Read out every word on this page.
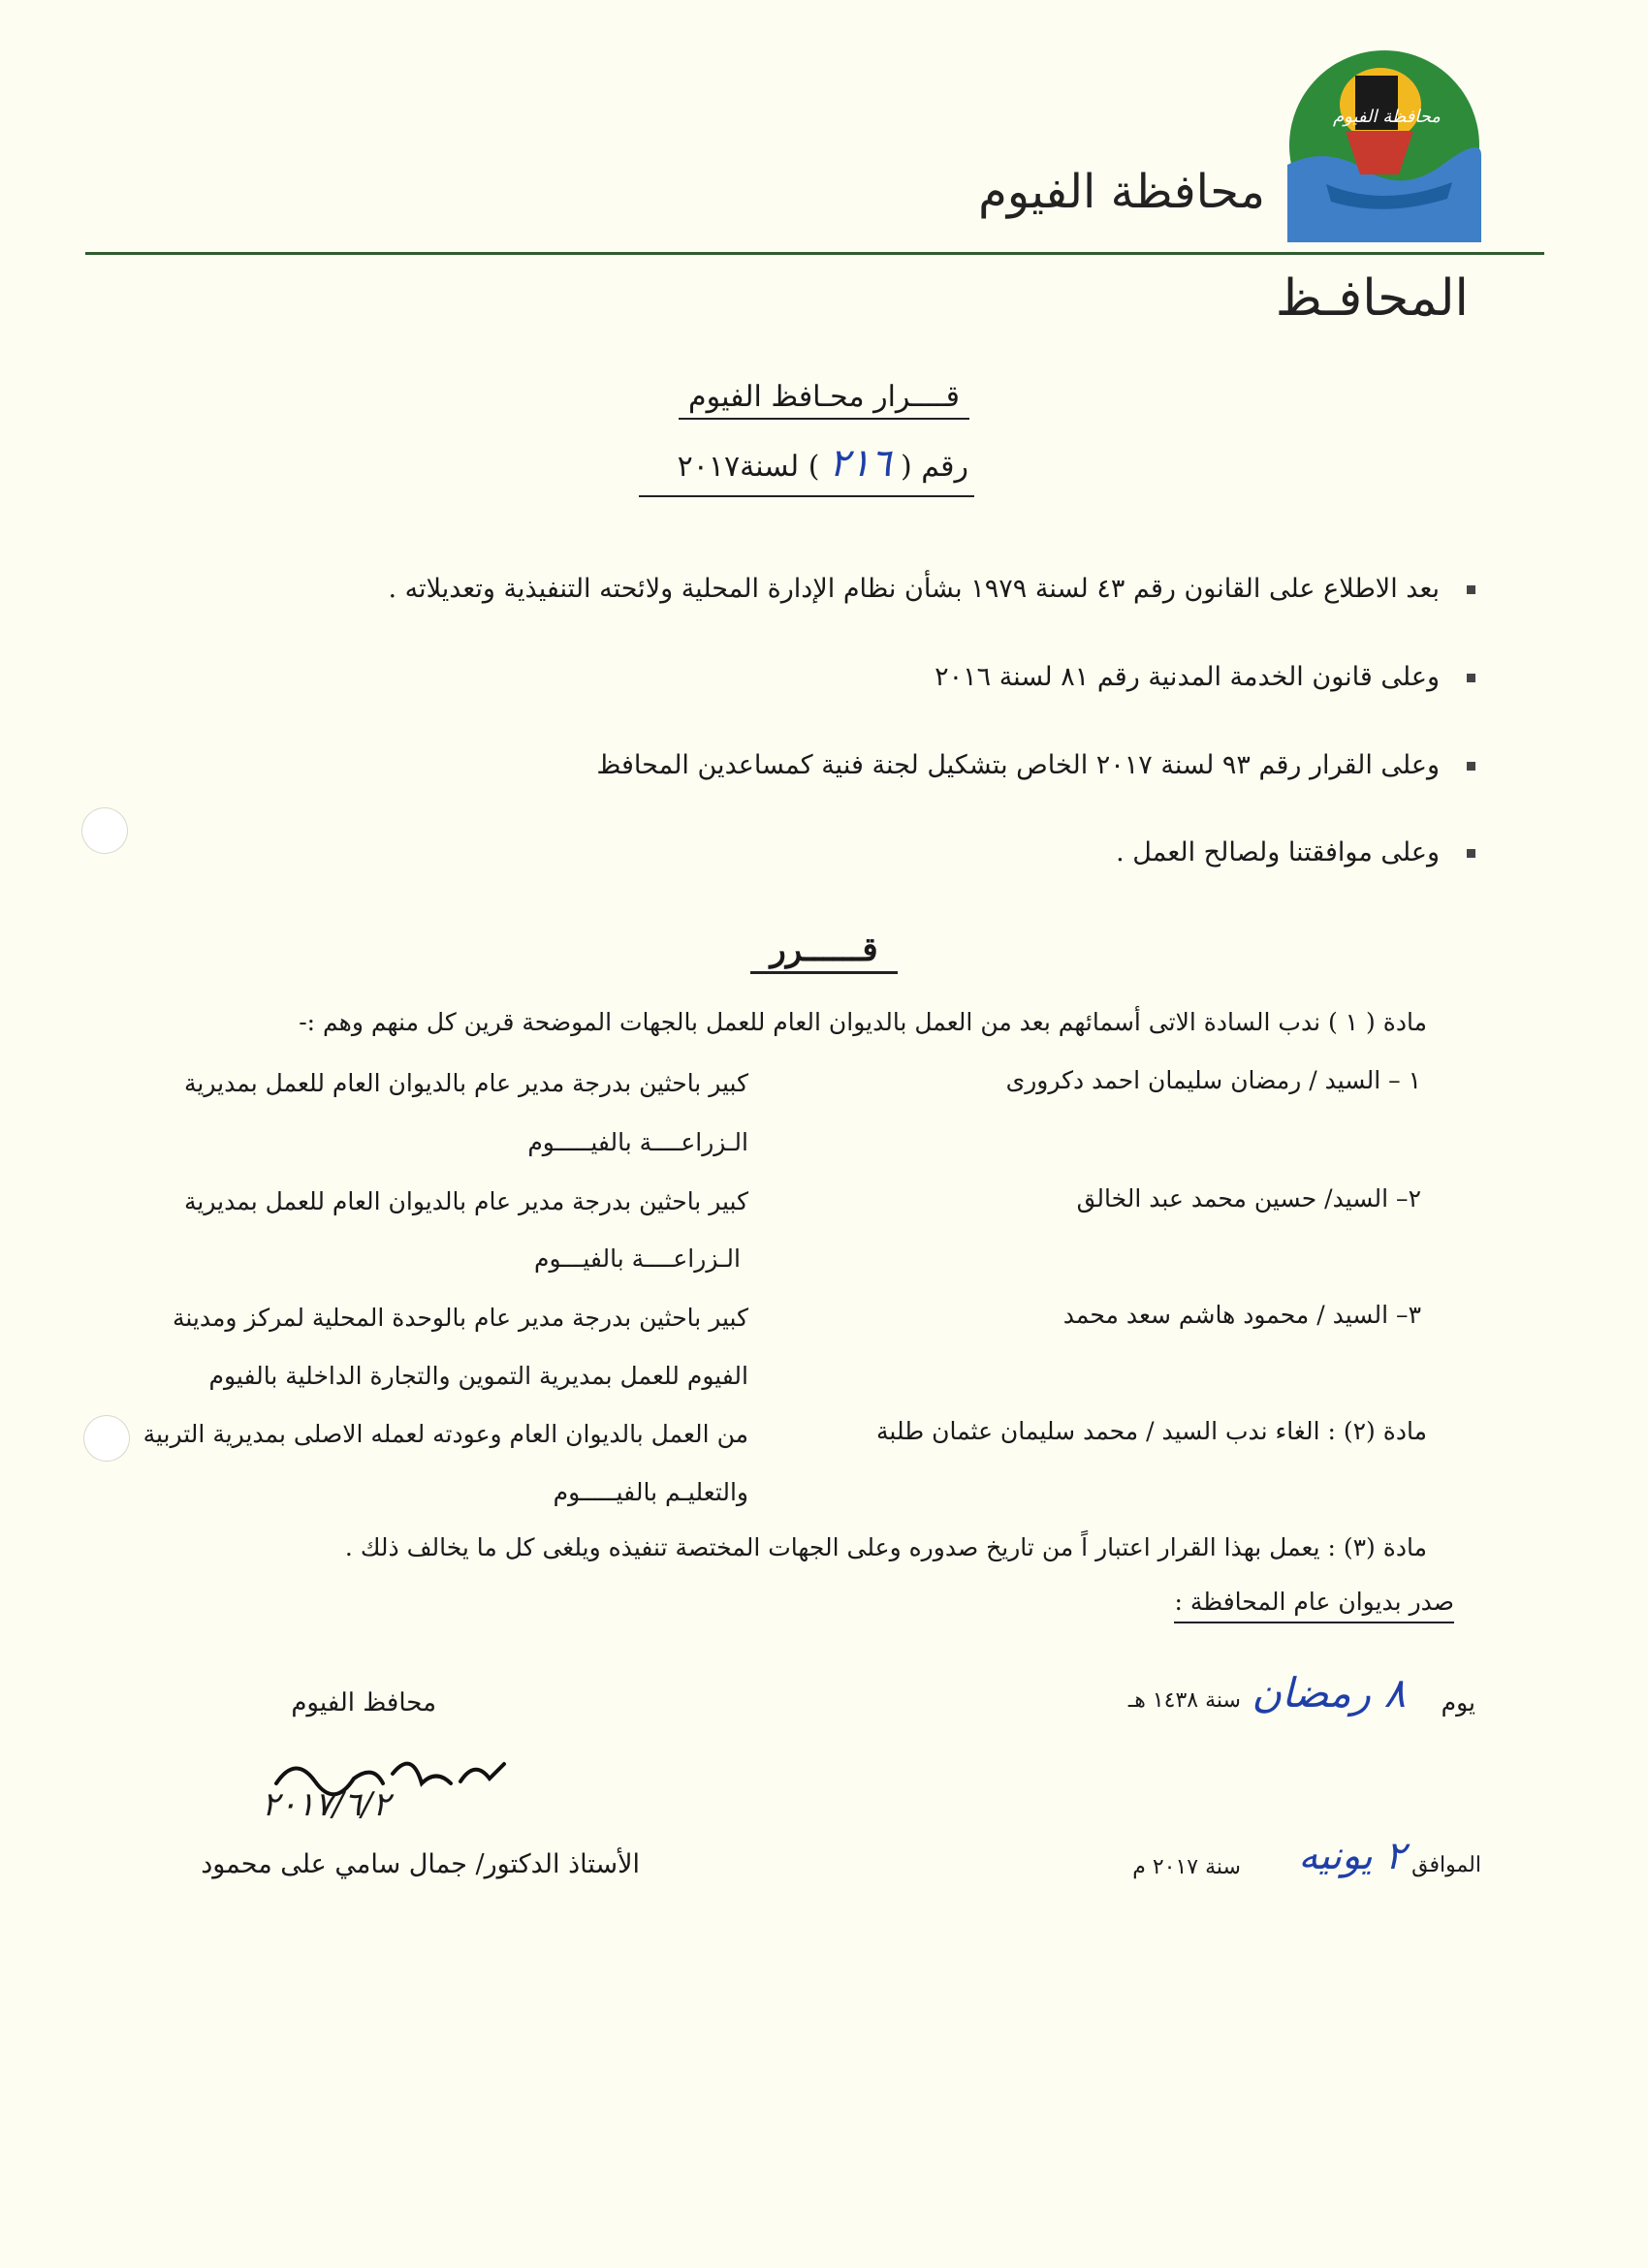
محافظة الفيوم
محافظة الفيوم
المحافـظ
قــــرار محـافظ الفيوم
رقم ( ٢١٦ ) لسنة٢٠١٧
بعد الاطلاع على القانون رقم ٤٣ لسنة ١٩٧٩ بشأن نظام الإدارة المحلية ولائحته التنفيذية وتعديلاته .
وعلى قانون الخدمة المدنية رقم ٨١ لسنة ٢٠١٦
وعلى القرار رقم ٩٣ لسنة ٢٠١٧ الخاص بتشكيل لجنة فنية كمساعدين المحافظ
وعلى موافقتنا ولصالح العمل .
قــــــرر
مادة ( ١ ) ندب السادة الاتى أسمائهم بعد من العمل بالديوان العام للعمل بالجهات الموضحة قرين كل منهم وهم :-
١ – السيد / رمضان سليمان احمد دكرورى
كبير باحثين بدرجة مدير عام بالديوان العام للعمل بمديرية
الـزراعــــة بالفيـــــوم
٢– السيد/ حسين محمد عبد الخالق
كبير باحثين بدرجة مدير عام بالديوان العام للعمل بمديرية
الـزراعــــة بالفيـــوم
٣– السيد / محمود هاشم سعد محمد
كبير باحثين بدرجة مدير عام بالوحدة المحلية لمركز ومدينة
الفيوم للعمل بمديرية التموين والتجارة الداخلية بالفيوم
مادة (٢) : الغاء ندب السيد / محمد سليمان عثمان طلبة
من العمل بالديوان العام وعودته لعمله الاصلى بمديرية التربية
والتعليـم بالفيـــــوم
مادة (٣) : يعمل بهذا القرار اعتبار اً من تاريخ صدوره وعلى الجهات المختصة تنفيذه ويلغى كل ما يخالف ذلك .
صدر بديوان عام المحافظة :
يوم
٨ رمضان
سنة ١٤٣٨ هـ
الموافق
٢ يونيه
سنة ٢٠١٧ م
محافظ الفيوم
٢٠١٧/٦/٢
الأستاذ الدكتور/ جمال سامي على محمود
